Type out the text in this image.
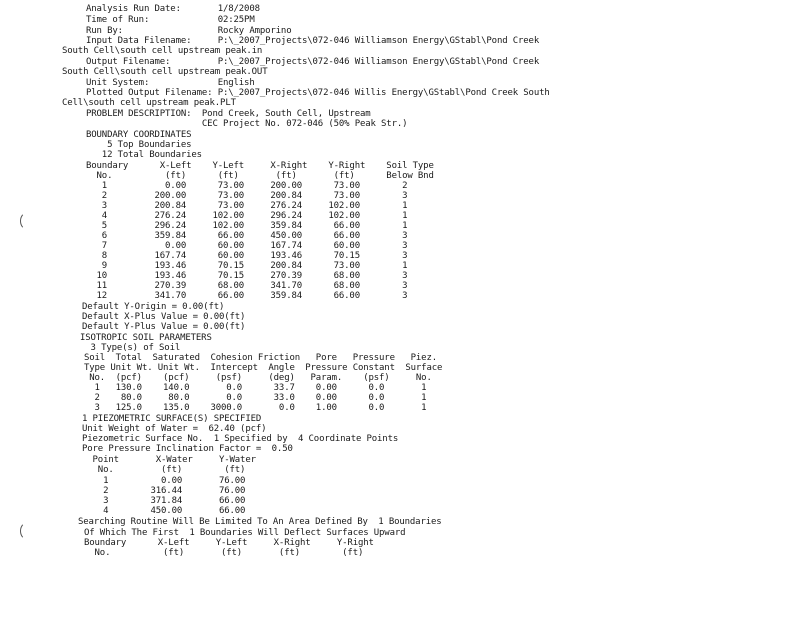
Analysis Run Date:       1/8/2008
Time of Run:             02:25PM
Run By:                  Rocky Amporino
Input Data Filename:     P:\_2007_Projects\072-046 Williamson Energy\GStabl\Pond Creek
South Cell\south cell upstream peak.in
Output Filename:         P:\_2007_Projects\072-046 Williamson Energy\GStabl\Pond Creek
South Cell\south cell upstream peak.OUT
Unit System:             English
Plotted Output Filename: P:\_2007_Projects\072-046 Willis Energy\GStabl\Pond Creek South
Cell\south cell upstream peak.PLT
PROBLEM DESCRIPTION:  Pond Creek, South Cell, Upstream
CEC Project No. 072-046 (50% Peak Str.)
BOUNDARY COORDINATES
5 Top Boundaries
12 Total Boundaries
Boundary      X-Left    Y-Left     X-Right    Y-Right    Soil Type
No.          (ft)      (ft)       (ft)       (ft)      Below Bnd
1           0.00      73.00     200.00      73.00        2
2         200.00      73.00     200.84      73.00        3
3         200.84      73.00     276.24     102.00        1
4         276.24     102.00     296.24     102.00        1
5         296.24     102.00     359.84      66.00        1
6         359.84      66.00     450.00      66.00        3
7           0.00      60.00     167.74      60.00        3
8         167.74      60.00     193.46      70.15        3
9         193.46      70.15     200.84      73.00        1
10         193.46      70.15     270.39      68.00        3
11         270.39      68.00     341.70      68.00        3
12         341.70      66.00     359.84      66.00        3
Default Y-Origin = 0.00(ft)
Default X-Plus Value = 0.00(ft)
Default Y-Plus Value = 0.00(ft)
ISOTROPIC SOIL PARAMETERS
3 Type(s) of Soil
Soil  Total  Saturated  Cohesion Friction   Pore   Pressure   Piez.
Type Unit Wt. Unit Wt.  Intercept  Angle  Pressure Constant  Surface
No.  (pcf)    (pcf)     (psf)     (deg)   Param.    (psf)     No.
1   130.0    140.0       0.0      33.7    0.00      0.0       1
2    80.0     80.0       0.0      33.0    0.00      0.0       1
3   125.0    135.0    3000.0       0.0    1.00      0.0       1
1 PIEZOMETRIC SURFACE(S) SPECIFIED
Unit Weight of Water =  62.40 (pcf)
Piezometric Surface No.  1 Specified by  4 Coordinate Points
Pore Pressure Inclination Factor =  0.50
Point       X-Water     Y-Water
No.         (ft)        (ft)
1          0.00       76.00
2        316.44       76.00
3        371.84       66.00
4        450.00       66.00
Searching Routine Will Be Limited To An Area Defined By  1 Boundaries
Of Which The First  1 Boundaries Will Deflect Surfaces Upward
Boundary      X-Left     Y-Left     X-Right     Y-Right
No.          (ft)       (ft)       (ft)        (ft)
